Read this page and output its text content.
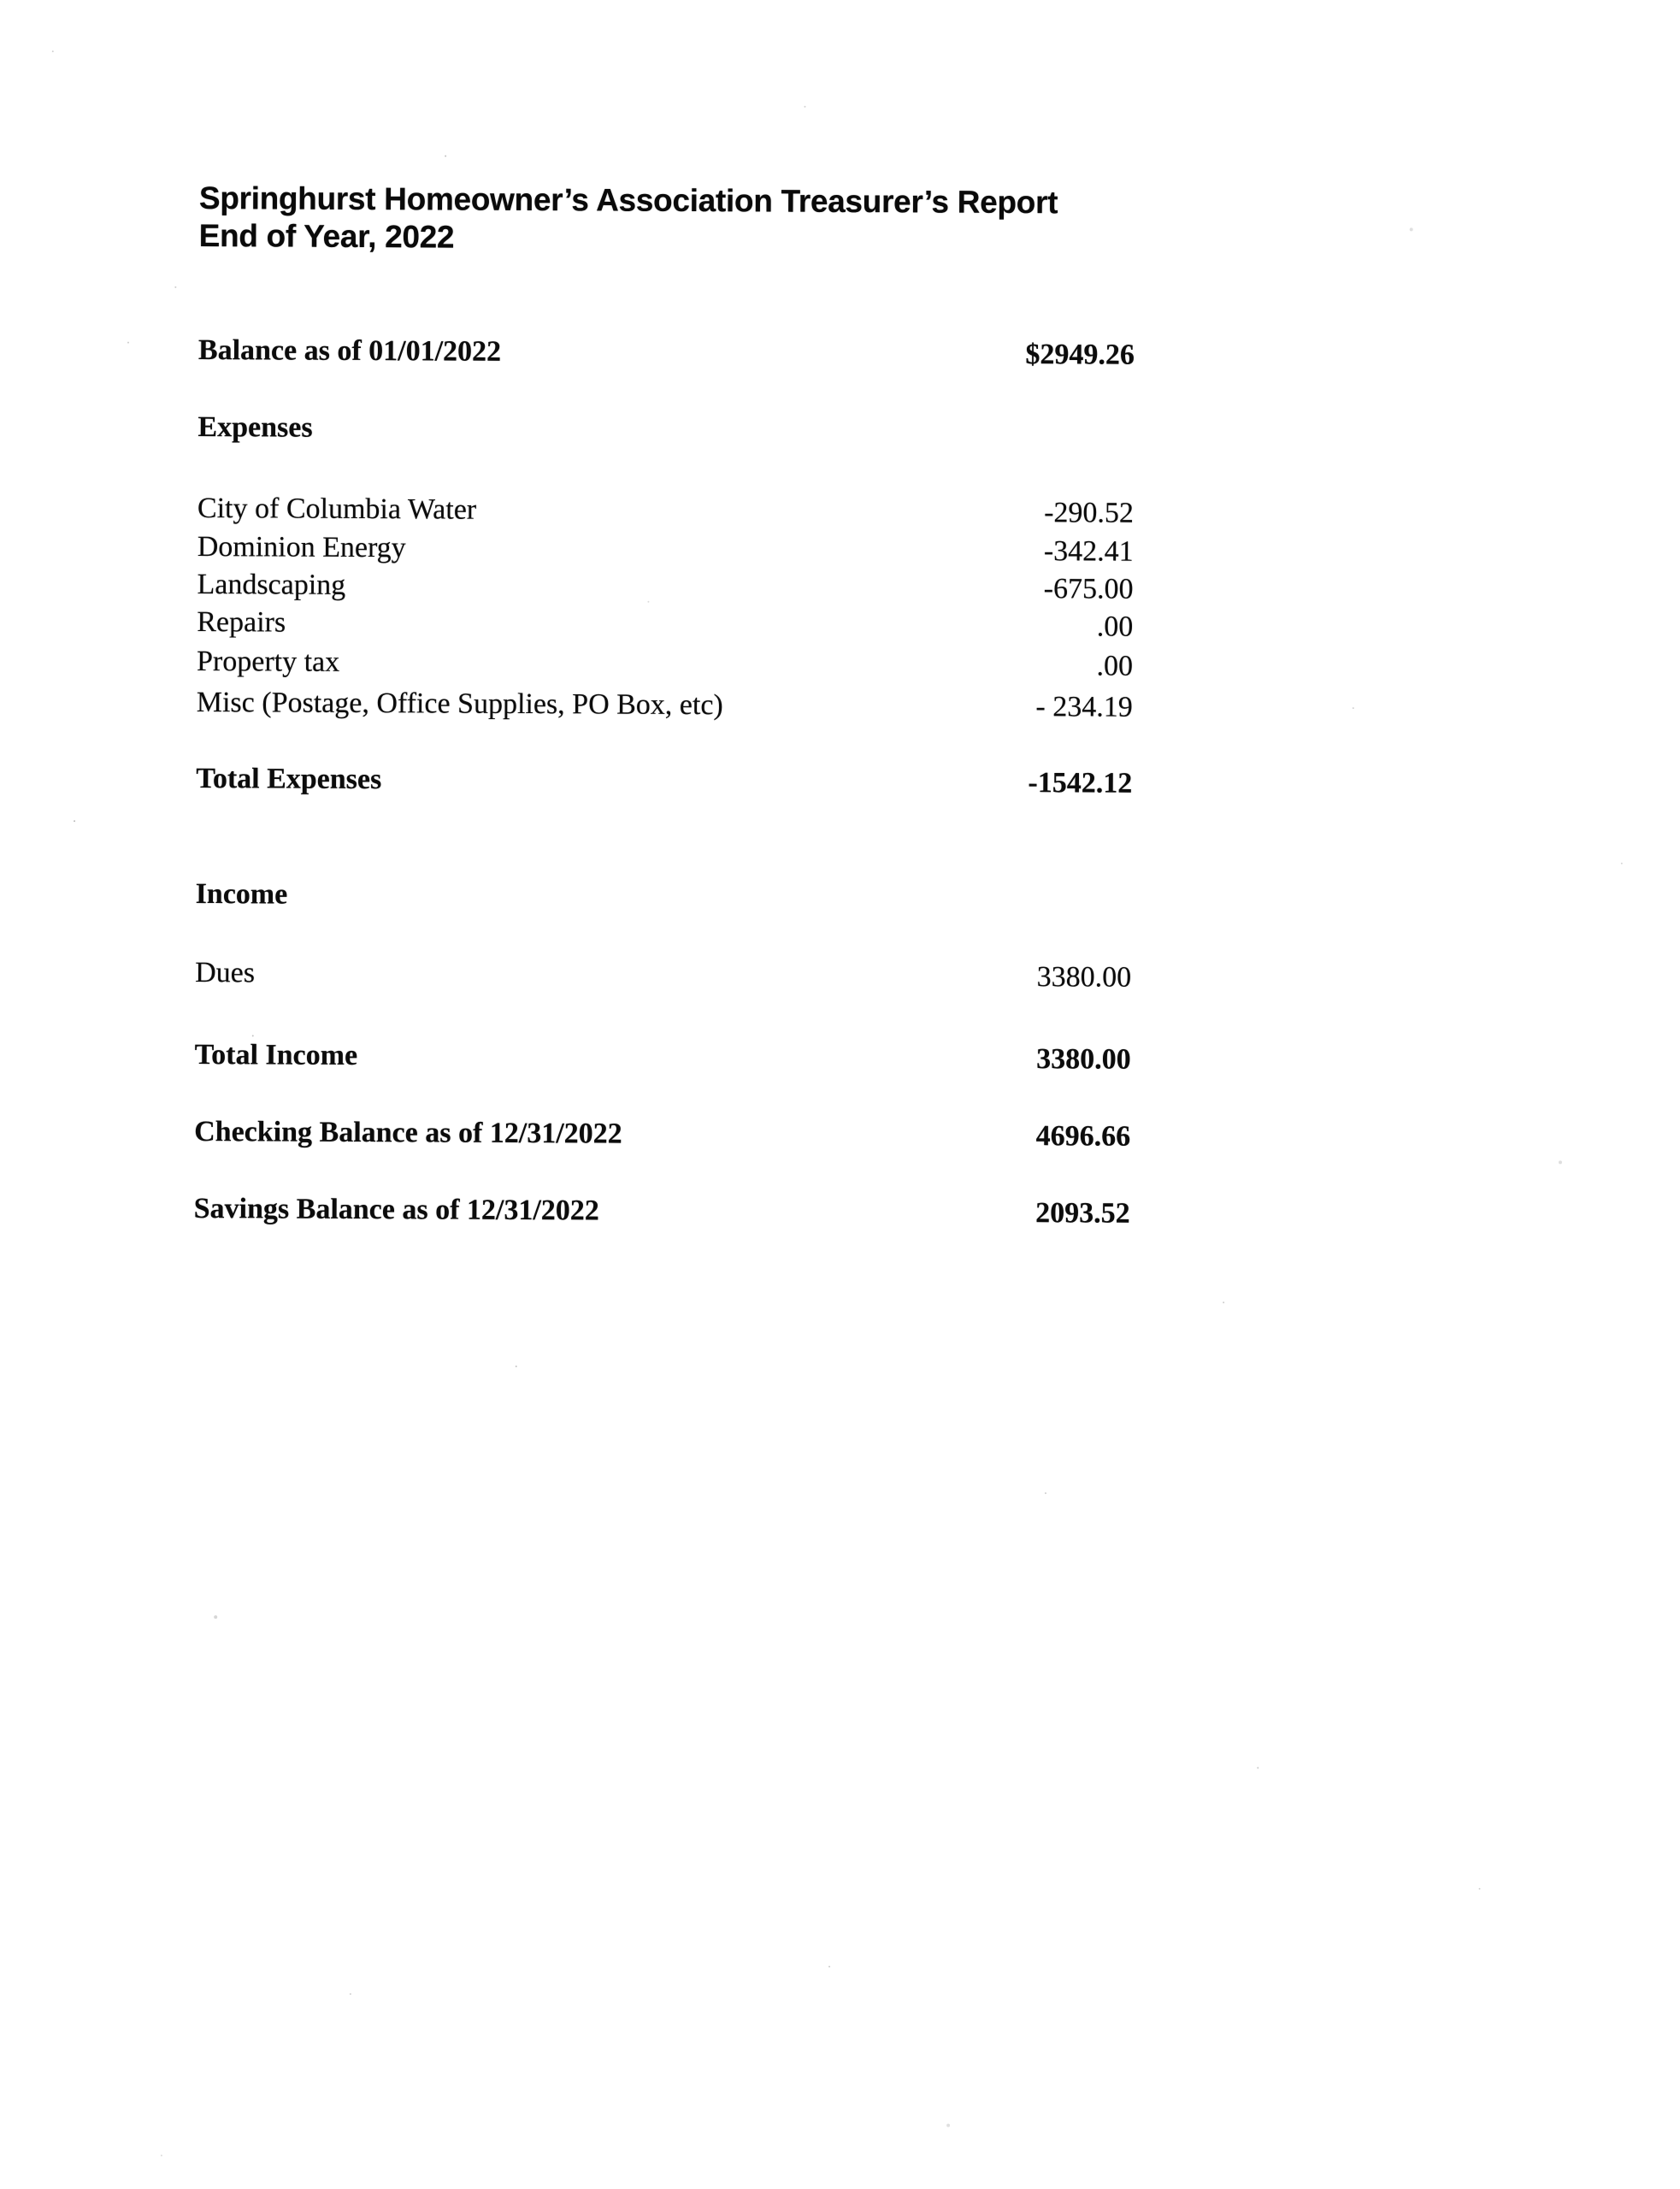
Springhurst Homeowner’s Association Treasurer’s Report
End of Year, 2022
Balance as of 01/01/2022	$2949.26
Expenses
City of Columbia Water	-290.52
Dominion Energy	-342.41
Landscaping	-675.00
Repairs	.00
Property tax	.00
Misc (Postage, Office Supplies, PO Box, etc)	- 234.19
Total Expenses	-1542.12
Income
Dues	3380.00
Total Income	3380.00
Checking Balance as of 12/31/2022	4696.66
Savings Balance as of 12/31/2022	2093.52
